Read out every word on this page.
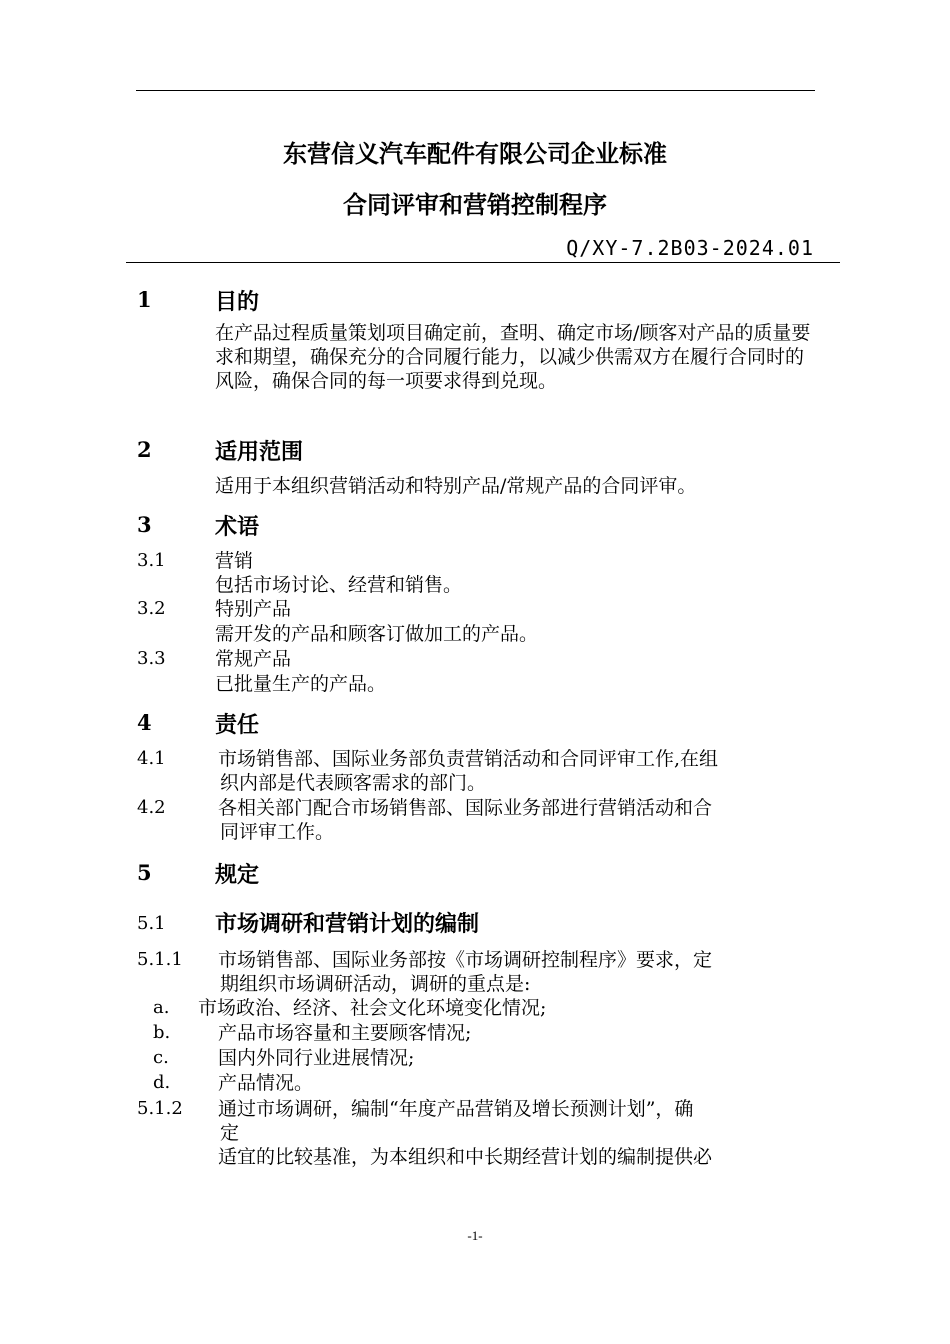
东营信义汽车配件有限公司企业标准
合同评审和营销控制程序
Q/XY-7.2B03-2024.01
1	目的
在产品过程质量策划项目确定前，查明、确定市场/顾客对产品的质量要求和期望，确保充分的合同履行能力，以减少供需双方在履行合同时的风险，确保合同的每一项要求得到兑现。
2	适用范围
适用于本组织营销活动和特别产品/常规产品的合同评审。
3	术语
3.1	营销
包括市场讨论、经营和销售。
3.2	特别产品
需开发的产品和顾客订做加工的产品。
3.3	常规产品
已批量生产的产品。
4	责任
4.1	市场销售部、国际业务部负责营销活动和合同评审工作,在组
织内部是代表顾客需求的部门。
4.2	各相关部门配合市场销售部、国际业务部进行营销活动和合
同评审工作。
5	规定
5.1 市场调研和营销计划的编制
5.1.1 市场销售部、国际业务部按《市场调研控制程序》要求，定
期组织市场调研活动，调研的重点是:
a. 市场政治、经济、社会文化环境变化情况;
b.	产品市场容量和主要顾客情况;
c.	国内外同行业进展情况;
d.	产品情况。
5.1.2 通过市场调研，编制“年度产品营销及增长预测计划”，确
定
适宜的比较基准，为本组织和中长期经营计划的编制提供必
-1-
